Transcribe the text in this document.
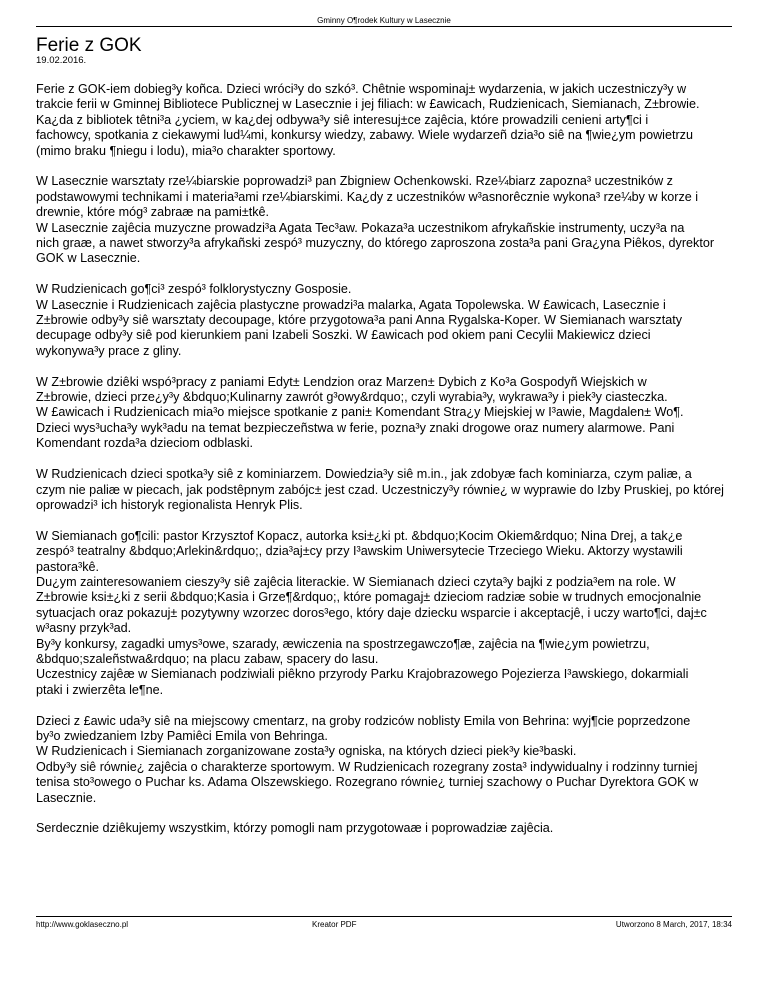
Gminny O¶rodek Kultury w Lasecznie
Ferie z GOK
19.02.2016.

Ferie z GOK-iem dobieg³y koñca. Dzieci wróci³y do szkó³. Chêtnie wspominaj± wydarzenia, w jakich uczestniczy³y w
trakcie ferii w Gminnej Bibliotece Publicznej w Lasecznie i jej filiach: w £awicach, Rudzienicach, Siemianach, Z±browie.
Ka¿da z bibliotek têtni³a ¿yciem, w ka¿dej odbywa³y siê interesuj±ce zajêcia, które prowadzili cenieni arty¶ci i
fachowcy, spotkania z ciekawymi lud¼mi, konkursy wiedzy, zabawy. Wiele wydarzeñ dzia³o siê na ¶wie¿ym powietrzu
(mimo braku ¶niegu i lodu), mia³o charakter sportowy.

W Lasecznie warsztaty rze¼biarskie poprowadzi³ pan Zbigniew Ochenkowski. Rze¼biarz zapozna³ uczestników z
podstawowymi technikami i materia³ami rze¼biarskimi. Ka¿dy z uczestników w³asnorêcznie wykona³ rze¼by w korze i
drewnie, które móg³ zabraæ na pami±tkê.
W Lasecznie zajêcia muzyczne prowadzi³a Agata Tec³aw. Pokaza³a uczestnikom afrykañskie instrumenty, uczy³a na
nich graæ, a nawet stworzy³a afrykañski zespó³ muzyczny, do którego zaproszona zosta³a pani Gra¿yna Piêkos, dyrektor
GOK w Lasecznie.

W Rudzienicach go¶ci³ zespó³ folklorystyczny Gosposie.
W Lasecznie i Rudzienicach zajêcia plastyczne prowadzi³a malarka, Agata Topolewska. W £awicach, Lasecznie i
Z±browie odby³y siê warsztaty decoupage, które przygotowa³a pani Anna Rygalska-Koper. W Siemianach warsztaty
decupage odby³y siê pod kierunkiem pani Izabeli Soszki. W £awicach pod okiem pani Cecylii Makiewicz dzieci
wykonywa³y prace z gliny.

W Z±browie dziêki wspó³pracy z paniami Edyt± Lendzion oraz Marzen± Dybich z Ko³a Gospodyñ Wiejskich w
Z±browie, dzieci prze¿y³y &bdquo;Kulinarny zawrót g³owy&rdquo;, czyli wyrabia³y, wykrawa³y i piek³y ciasteczka.
W £awicach i Rudzienicach mia³o miejsce spotkanie z pani± Komendant Stra¿y Miejskiej w I³awie, Magdalen± Wo¶.
Dzieci wys³ucha³y wyk³adu na temat bezpieczeñstwa w ferie, pozna³y znaki drogowe oraz numery alarmowe. Pani
Komendant rozda³a dzieciom odblaski.

W Rudzienicach dzieci spotka³y siê z kominiarzem. Dowiedzia³y siê m.in., jak zdobyæ fach kominiarza, czym paliæ, a
czym nie paliæ w piecach, jak podstêpnym zabójc± jest czad. Uczestniczy³y równie¿ w wyprawie do Izby Pruskiej, po której
oprowadzi³ ich historyk regionalista Henryk Plis.

W Siemianach go¶cili: pastor Krzysztof Kopacz, autorka ksi±¿ki pt. &bdquo;Kocim Okiem&rdquo; Nina Drej, a tak¿e
zespó³ teatralny &bdquo;Arlekin&rdquo;, dzia³aj±cy przy I³awskim Uniwersytecie Trzeciego Wieku. Aktorzy wystawili
pastora³kê.
Du¿ym zainteresowaniem cieszy³y siê zajêcia literackie. W Siemianach dzieci czyta³y bajki z podzia³em na role. W
Z±browie ksi±¿ki z serii &bdquo;Kasia i Grze¶&rdquo;, które pomagaj± dzieciom radziæ sobie w trudnych emocjonalnie
sytuacjach oraz pokazuj± pozytywny wzorzec doros³ego, który daje dziecku wsparcie i akceptacjê, i uczy warto¶ci, daj±c
w³asny przyk³ad.
By³y konkursy, zagadki umys³owe, szarady, æwiczenia na spostrzegawczo¶æ, zajêcia na ¶wie¿ym powietrzu,
&bdquo;szaleñstwa&rdquo; na placu zabaw, spacery do lasu.
Uczestnicy zajêæ w Siemianach podziwiali piêkno przyrody Parku Krajobrazowego Pojezierza I³awskiego, dokarmiali
ptaki i zwierzêta le¶ne.

Dzieci z £awic uda³y siê na miejscowy cmentarz, na groby rodziców noblisty Emila von Behrina: wyj¶cie poprzedzone
by³o zwiedzaniem Izby Pamiêci Emila von Behringa.
W Rudzienicach i Siemianach zorganizowane zosta³y ogniska, na których dzieci piek³y kie³baski.
Odby³y siê równie¿ zajêcia o charakterze sportowym. W Rudzienicach rozegrany zosta³ indywidualny i rodzinny turniej
tenisa sto³owego o Puchar ks. Adama Olszewskiego. Rozegrano równie¿ turniej szachowy o Puchar Dyrektora GOK w
Lasecznie.

Serdecznie dziêkujemy wszystkim, którzy pomogli nam przygotowaæ i poprowadziæ zajêcia.

http://www.goklaseczno.pl	Kreator PDF	Utworzono 8 March, 2017, 18:34
